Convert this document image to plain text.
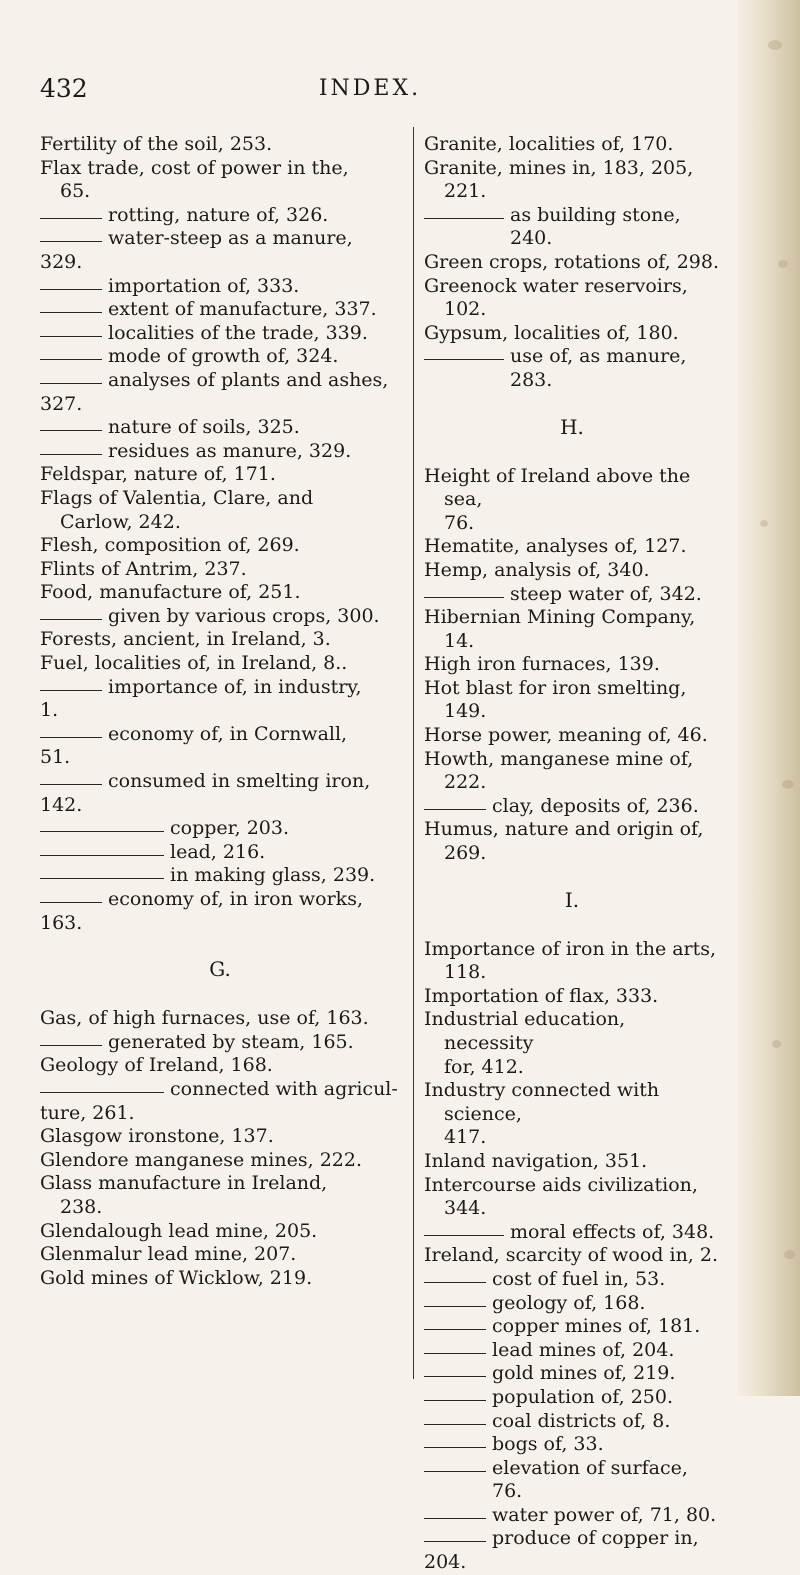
432	INDEX.
Fertility of the soil, 253.
Flax trade, cost of power in the,
65.
rotting, nature of, 326.
water-steep as a manure,
329.
importation of, 333.
extent of manufacture, 337.
localities of the trade, 339.
mode of growth of, 324.
analyses of plants and ashes,
327.
nature of soils, 325.
residues as manure, 329.
Feldspar, nature of, 171.
Flags of Valentia, Clare, and
Carlow, 242.
Flesh, composition of, 269.
Flints of Antrim, 237.
Food, manufacture of, 251.
given by various crops, 300.
Forests, ancient, in Ireland, 3.
Fuel, localities of, in Ireland, 8..
importance of, in industry,
1.
economy of, in Cornwall,
51.
consumed in smelting iron,
142.
copper, 203.
lead, 216.
in making glass, 239.
economy of, in iron works,
163.
G.
Gas, of high furnaces, use of, 163.
generated by steam, 165.
Geology of Ireland, 168.
connected with agricul-
ture, 261.
Glasgow ironstone, 137.
Glendore manganese mines, 222.
Glass manufacture in Ireland,
238.
Glendalough lead mine, 205.
Glenmalur lead mine, 207.
Gold mines of Wicklow, 219.
Granite, localities of, 170.
Granite, mines in, 183, 205, 221.
as building stone, 240.
Green crops, rotations of, 298.
Greenock water reservoirs, 102.
Gypsum, localities of, 180.
use of, as manure, 283.
H.
Height of Ireland above the sea,
76.
Hematite, analyses of, 127.
Hemp, analysis of, 340.
steep water of, 342.
Hibernian Mining Company, 14.
High iron furnaces, 139.
Hot blast for iron smelting, 149.
Horse power, meaning of, 46.
Howth, manganese mine of, 222.
clay, deposits of, 236.
Humus, nature and origin of,
269.
I.
Importance of iron in the arts,
118.
Importation of flax, 333.
Industrial education, necessity
for, 412.
Industry connected with science,
417.
Inland navigation, 351.
Intercourse aids civilization, 344.
moral effects of, 348.
Ireland, scarcity of wood in, 2.
cost of fuel in, 53.
geology of, 168.
copper mines of, 181.
lead mines of, 204.
gold mines of, 219.
population of, 250.
coal districts of, 8.
bogs of, 33.
elevation of surface, 76.
water power of, 71, 80.
produce of copper in,
204.
